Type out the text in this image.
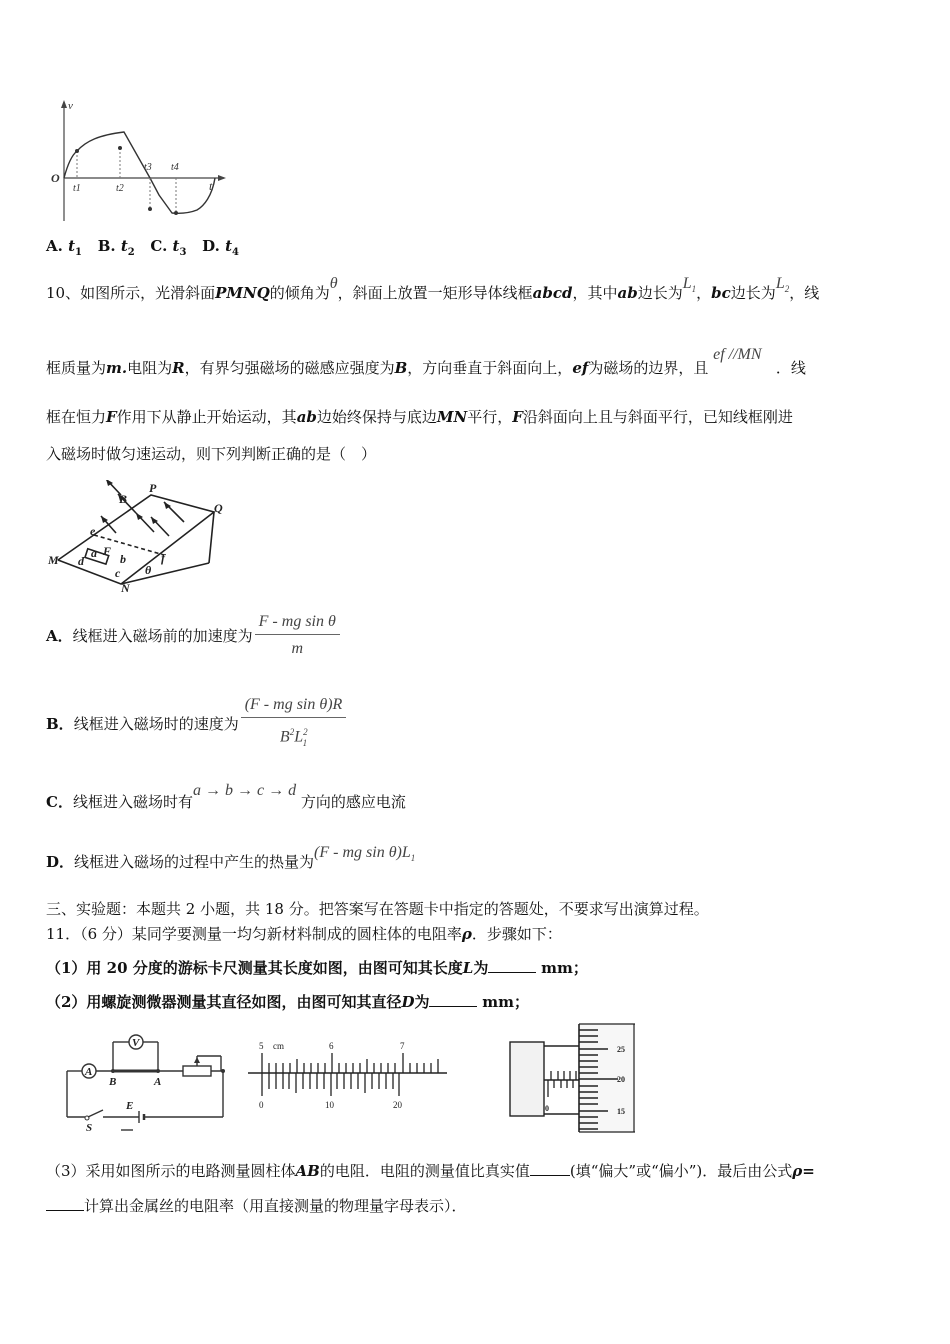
v
O
t
t1	t2
t3 t4
A. $t_1$ B. $t_2$ C. $t_3$ D. $t_4$
10、如图所示，光滑斜面PMNQ的倾角为θ，斜面上放置一矩形导体线框abcd，其中ab边长为$L_1$，bc边长为$L_2$，线
框质量为m.电阻为R，有界匀强磁场的磁感应强度为B，方向垂直于斜面向上，ef为磁场的边界，且 ef //MN   ．线
框在恒力F作用下从静止开始运动，其ab边始终保持与底边MN平行，F沿斜面向上且与斜面平行，已知线框刚进
入磁场时做匀速运动，则下列判断正确的是（　）
P
Q
M
N
B
e
f
a b
c
d
F
θ
A． 线框进入磁场前的加速度为 $\frac{\text{F - mg sin θ}}{m}$
B． 线框进入磁场时的速度为 $\frac{\text{(F - mg sin θ)R}}{B^2L^2_1}$
C．线框进入磁场时有a → b → c → d 方向的感应电流
D．线框进入磁场的过程中产生的热量为(F - mg $\sin \theta)L_1$
三、实验题：本题共 2 小题，共 18 分。把答案写在答题卡中指定的答题处，不要求写出演算过程。
11．（6 分）某同学要测量一均匀新材料制成的圆柱体的电阻率ρ．步骤如下：
（1）用 20 分度的游标卡尺测量其长度如图，由图可知其长度L为	mm；
（2）用螺旋测微器测量其直径如图，由图可知其直径D为	mm；
A
V
B	A
E
S
5 cm	6	7
0	10	20
25
20
15
0
（3）采用如图所示的电路测量圆柱体AB的电阻．电阻的测量值比真实值	(填“偏大”或“偏小”)．最后由公式ρ=
计算出金属丝的电阻率（用直接测量的物理量字母表示）．
